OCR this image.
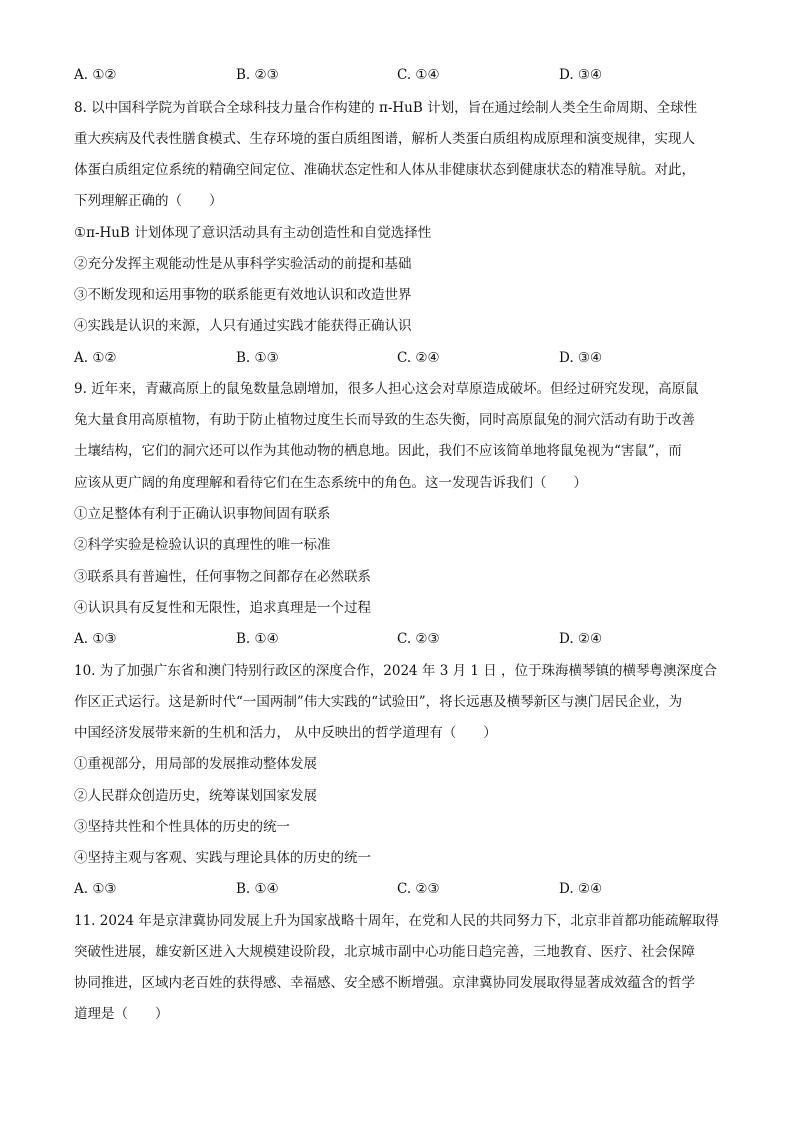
A. ①②	B. ②③	C. ①④	D. ③④
8. 以中国科学院为首联合全球科技力量合作构建的 π-HuB 计划，旨在通过绘制人类全生命周期、全球性
重大疾病及代表性膳食模式、生存环境的蛋白质组图谱，解析人类蛋白质组构成原理和演变规律，实现人
体蛋白质组定位系统的精确空间定位、准确状态定性和人体从非健康状态到健康状态的精准导航。对此，
下列理解正确的（　　）
①π-HuB 计划体现了意识活动具有主动创造性和自觉选择性
②充分发挥主观能动性是从事科学实验活动的前提和基础
③不断发现和运用事物的联系能更有效地认识和改造世界
④实践是认识的来源，人只有通过实践才能获得正确认识
A. ①②	B. ①③	C. ②④	D. ③④
9. 近年来，青藏高原上的鼠兔数量急剧增加，很多人担心这会对草原造成破坏。但经过研究发现，高原鼠
兔大量食用高原植物，有助于防止植物过度生长而导致的生态失衡，同时高原鼠兔的洞穴活动有助于改善
土壤结构，它们的洞穴还可以作为其他动物的栖息地。因此，我们不应该简单地将鼠兔视为“害鼠”，而
应该从更广阔的角度理解和看待它们在生态系统中的角色。这一发现告诉我们（　　）
①立足整体有利于正确认识事物间固有联系
②科学实验是检验认识的真理性的唯一标准
③联系具有普遍性，任何事物之间都存在必然联系
④认识具有反复性和无限性，追求真理是一个过程
A. ①③	B. ①④	C. ②③	D. ②④
10. 为了加强广东省和澳门特别行政区的深度合作，2024 年 3 月 1 日 ，位于珠海横琴镇的横琴粤澳深度合
作区正式运行。这是新时代“一国两制”伟大实践的“试验田”，将长远惠及横琴新区与澳门居民企业，为
中国经济发展带来新的生机和活力， 从中反映出的哲学道理有（　　）
①重视部分，用局部的发展推动整体发展
②人民群众创造历史，统筹谋划国家发展
③坚持共性和个性具体的历史的统一
④坚持主观与客观、实践与理论具体的历史的统一
A. ①③	B. ①④	C. ②③	D. ②④
11. 2024 年是京津冀协同发展上升为国家战略十周年，在党和人民的共同努力下，北京非首都功能疏解取得
突破性进展，雄安新区进入大规模建设阶段，北京城市副中心功能日趋完善，三地教育、医疗、社会保障
协同推进，区域内老百姓的获得感、幸福感、安全感不断增强。京津冀协同发展取得显著成效蕴含的哲学
道理是（　　）
